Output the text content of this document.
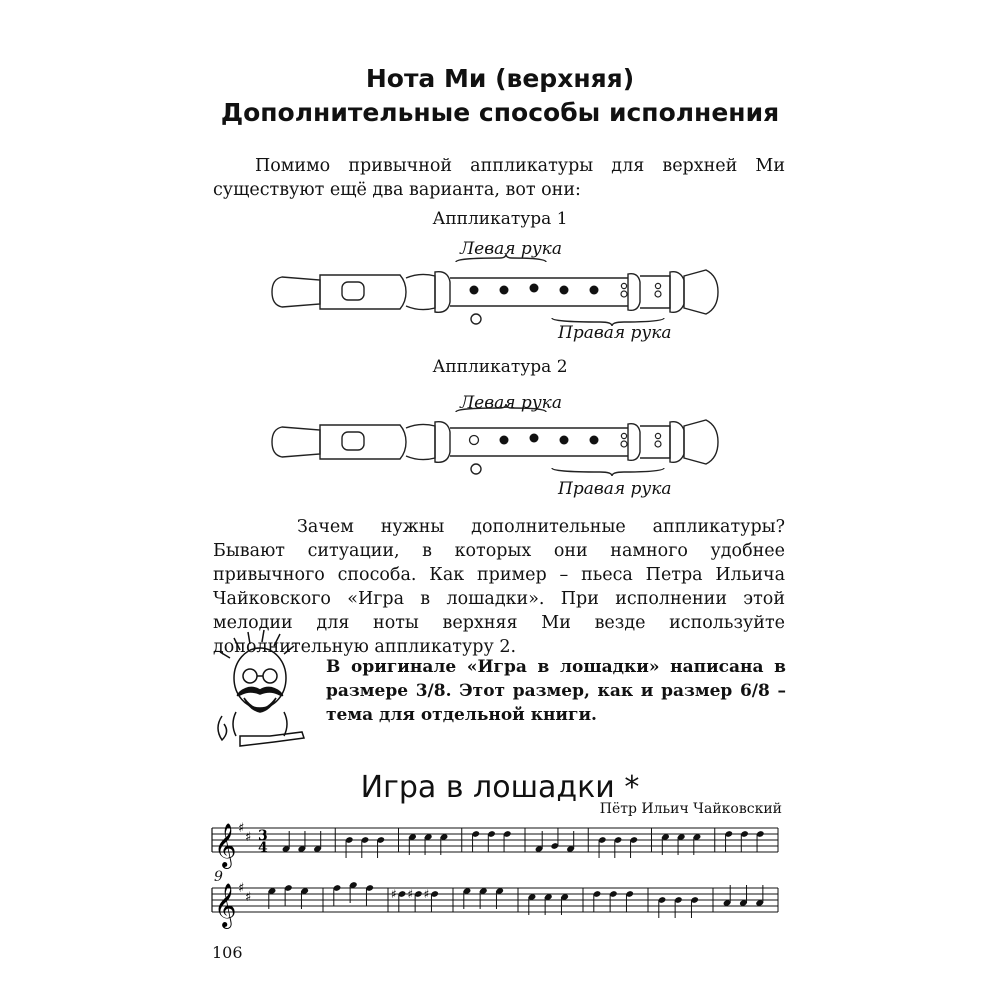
Нота Ми (верхняя)
Дополнительные способы исполнения
Помимо привычной аппликатуры для верхней Ми существуют ещё два варианта, вот они:
Аппликатура 1
Левая рука
Правая рука
Аппликатура 2
Левая рука
Правая рука
Зачем нужны дополнительные аппликатуры? Бывают ситуации, в которых они намного удобнее привычного способа. Как пример – пьеса Петра Ильича Чайковского «Игра в лошадки». При исполнении этой мелодии для ноты верхняя Ми везде используйте дополнительную аппликатуру 2.
В оригинале «Игра в лошадки» написана в размере 3/8. Этот размер, как и размер 6/8 – тема для отдельной книги.
Игра в лошадки *
Пётр Ильич Чайковский
9
𝄞 ♯
♯ 3
4
𝄞 ♯
♯	♯ ♯ ♯
106
